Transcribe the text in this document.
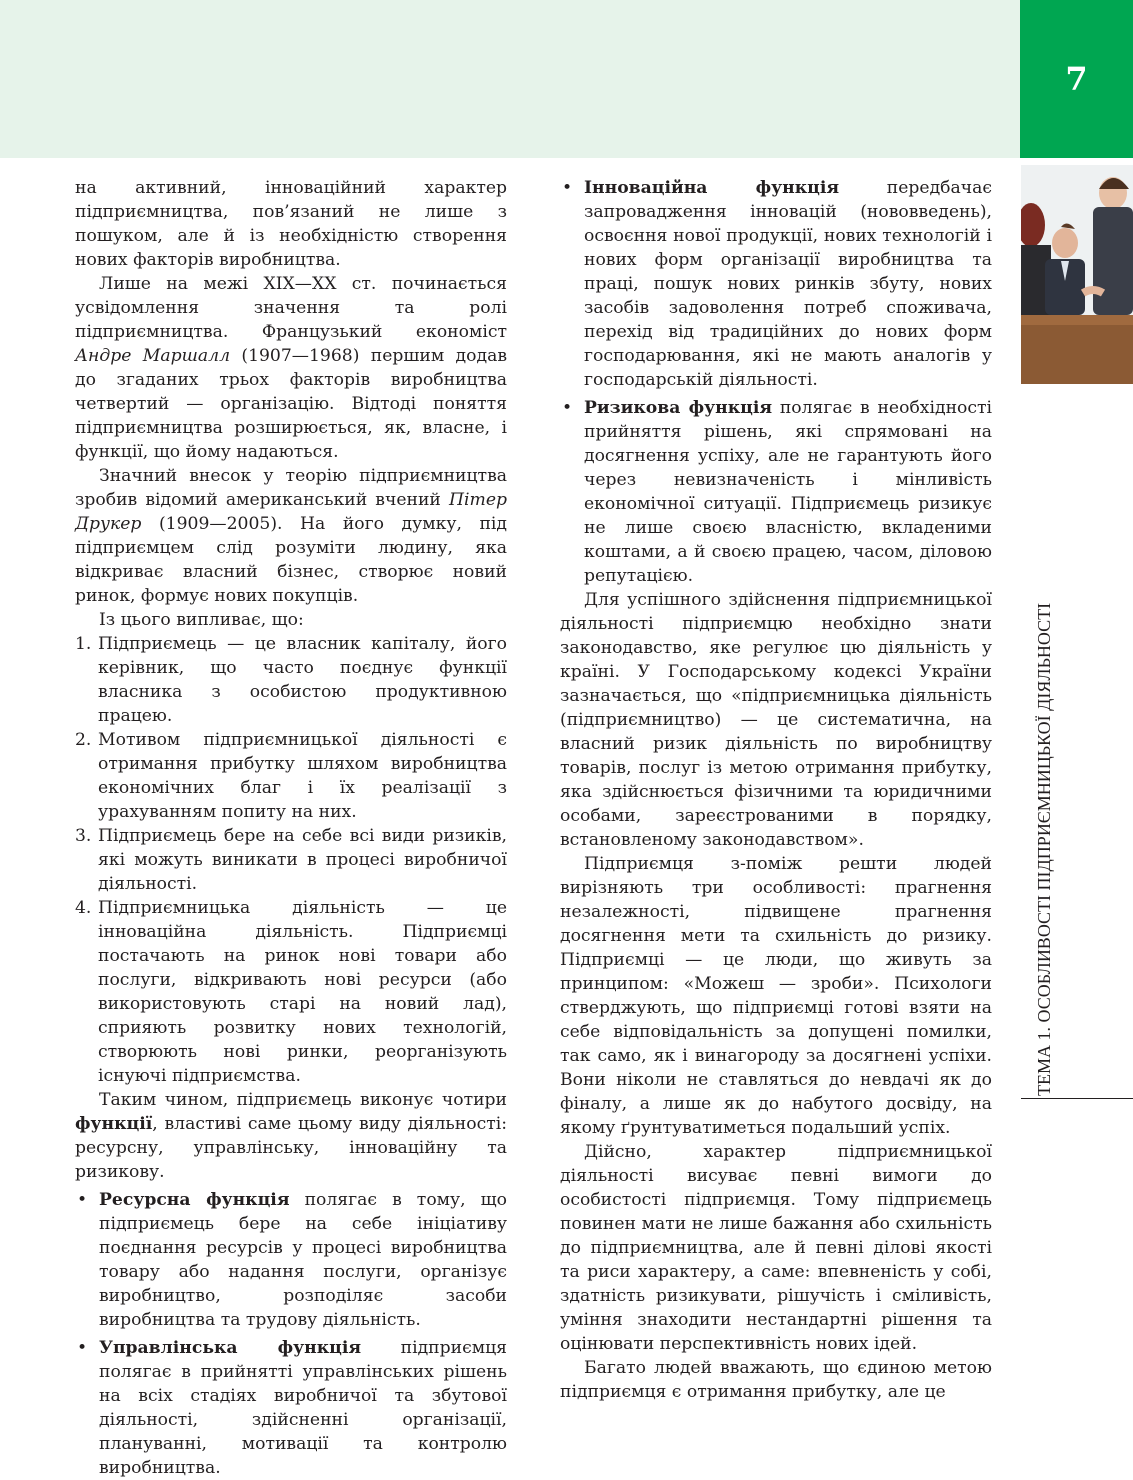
7
ТЕМА 1. ОСОБЛИВОСТІ ПІДПРИЄМНИЦЬКОЇ ДІЯЛЬНОСТІ

на активний, інноваційний характер підприємництва, пов’язаний не лише з пошуком, але й із необхідністю створення нових факторів виробництва.

Лише на межі XIX—XX ст. починається усвідомлення значення та ролі підприємництва. Французький економіст Андре Маршалл (1907—1968) першим додав до згаданих трьох факторів виробництва четвертий — організацію. Відтоді поняття підприємництва розширюється, як, власне, і функції, що йому надаються.

Значний внесок у теорію підприємництва зробив відомий американський вчений Пітер Друкер (1909—2005). На його думку, під підприємцем слід розуміти людину, яка відкриває власний бізнес, створює новий ринок, формує нових покупців.

Із цього випливає, що:

1. Підприємець — це власник капіталу, його керівник, що часто поєднує функції власника з особистою продуктивною працею.
2. Мотивом підприємницької діяльності є отримання прибутку шляхом виробництва економічних благ і їх реалізації з урахуванням попиту на них.
3. Підприємець бере на себе всі види ризиків, які можуть виникати в процесі виробничої діяльності.
4. Підприємницька діяльність — це інноваційна діяльність. Підприємці постачають на ринок нові товари або послуги, відкривають нові ресурси (або використовують старі на новий лад), сприяють розвитку нових технологій, створюють нові ринки, реорганізують існуючі підприємства.

Таким чином, підприємець виконує чотири функції, властиві саме цьому виду діяльності: ресурсну, управлінську, інноваційну та ризикову.

• Ресурсна функція полягає в тому, що підприємець бере на себе ініціативу поєднання ресурсів у процесі виробництва товару або надання послуги, організує виробництво, розподіляє засоби виробництва та трудову діяльність.
• Управлінська функція підприємця полягає в прийнятті управлінських рішень на всіх стадіях виробничої та збутової діяльності, здійсненні організації, плануванні, мотивації та контролю виробництва.
• Інноваційна функція передбачає запровадження інновацій (нововведень), освоєння нової продукції, нових технологій і нових форм організації виробництва та праці, пошук нових ринків збуту, нових засобів задоволення потреб споживача, перехід від традиційних до нових форм господарювання, які не мають аналогів у господарській діяльності.
• Ризикова функція полягає в необхідності прийняття рішень, які спрямовані на досягнення успіху, але не гарантують його через невизначеність і мінливість економічної ситуації. Підприємець ризикує не лише своєю власністю, вкладеними коштами, а й своєю працею, часом, діловою репутацією.

Для успішного здійснення підприємницької діяльності підприємцю необхідно знати законодавство, яке регулює цю діяльність у країні. У Господарському кодексі України зазначається, що «підприємницька діяльність (підприємництво) — це систематична, на власний ризик діяльність по виробництву товарів, послуг із метою отримання прибутку, яка здійснюється фізичними та юридичними особами, зареєстрованими в порядку, встановленому законодавством».

Підприємця з-поміж решти людей вирізняють три особливості: прагнення незалежності, підвищене прагнення досягнення мети та схильність до ризику. Підприємці — це люди, що живуть за принципом: «Можеш — зроби». Психологи стверджують, що підприємці готові взяти на себе відповідальність за допущені помилки, так само, як і винагороду за досягнені успіхи. Вони ніколи не ставляться до невдачі як до фіналу, а лише як до набутого досвіду, на якому ґрунтуватиметься подальший успіх.

Дійсно, характер підприємницької діяльності висуває певні вимоги до особистості підприємця. Тому підприємець повинен мати не лише бажання або схильність до підприємництва, але й певні ділові якості та риси характеру, а саме: впевненість у собі, здатність ризикувати, рішучість і сміливість, уміння знаходити нестандартні рішення та оцінювати перспективність нових ідей.

Багато людей вважають, що єдиною метою підприємця є отримання прибутку, але це
